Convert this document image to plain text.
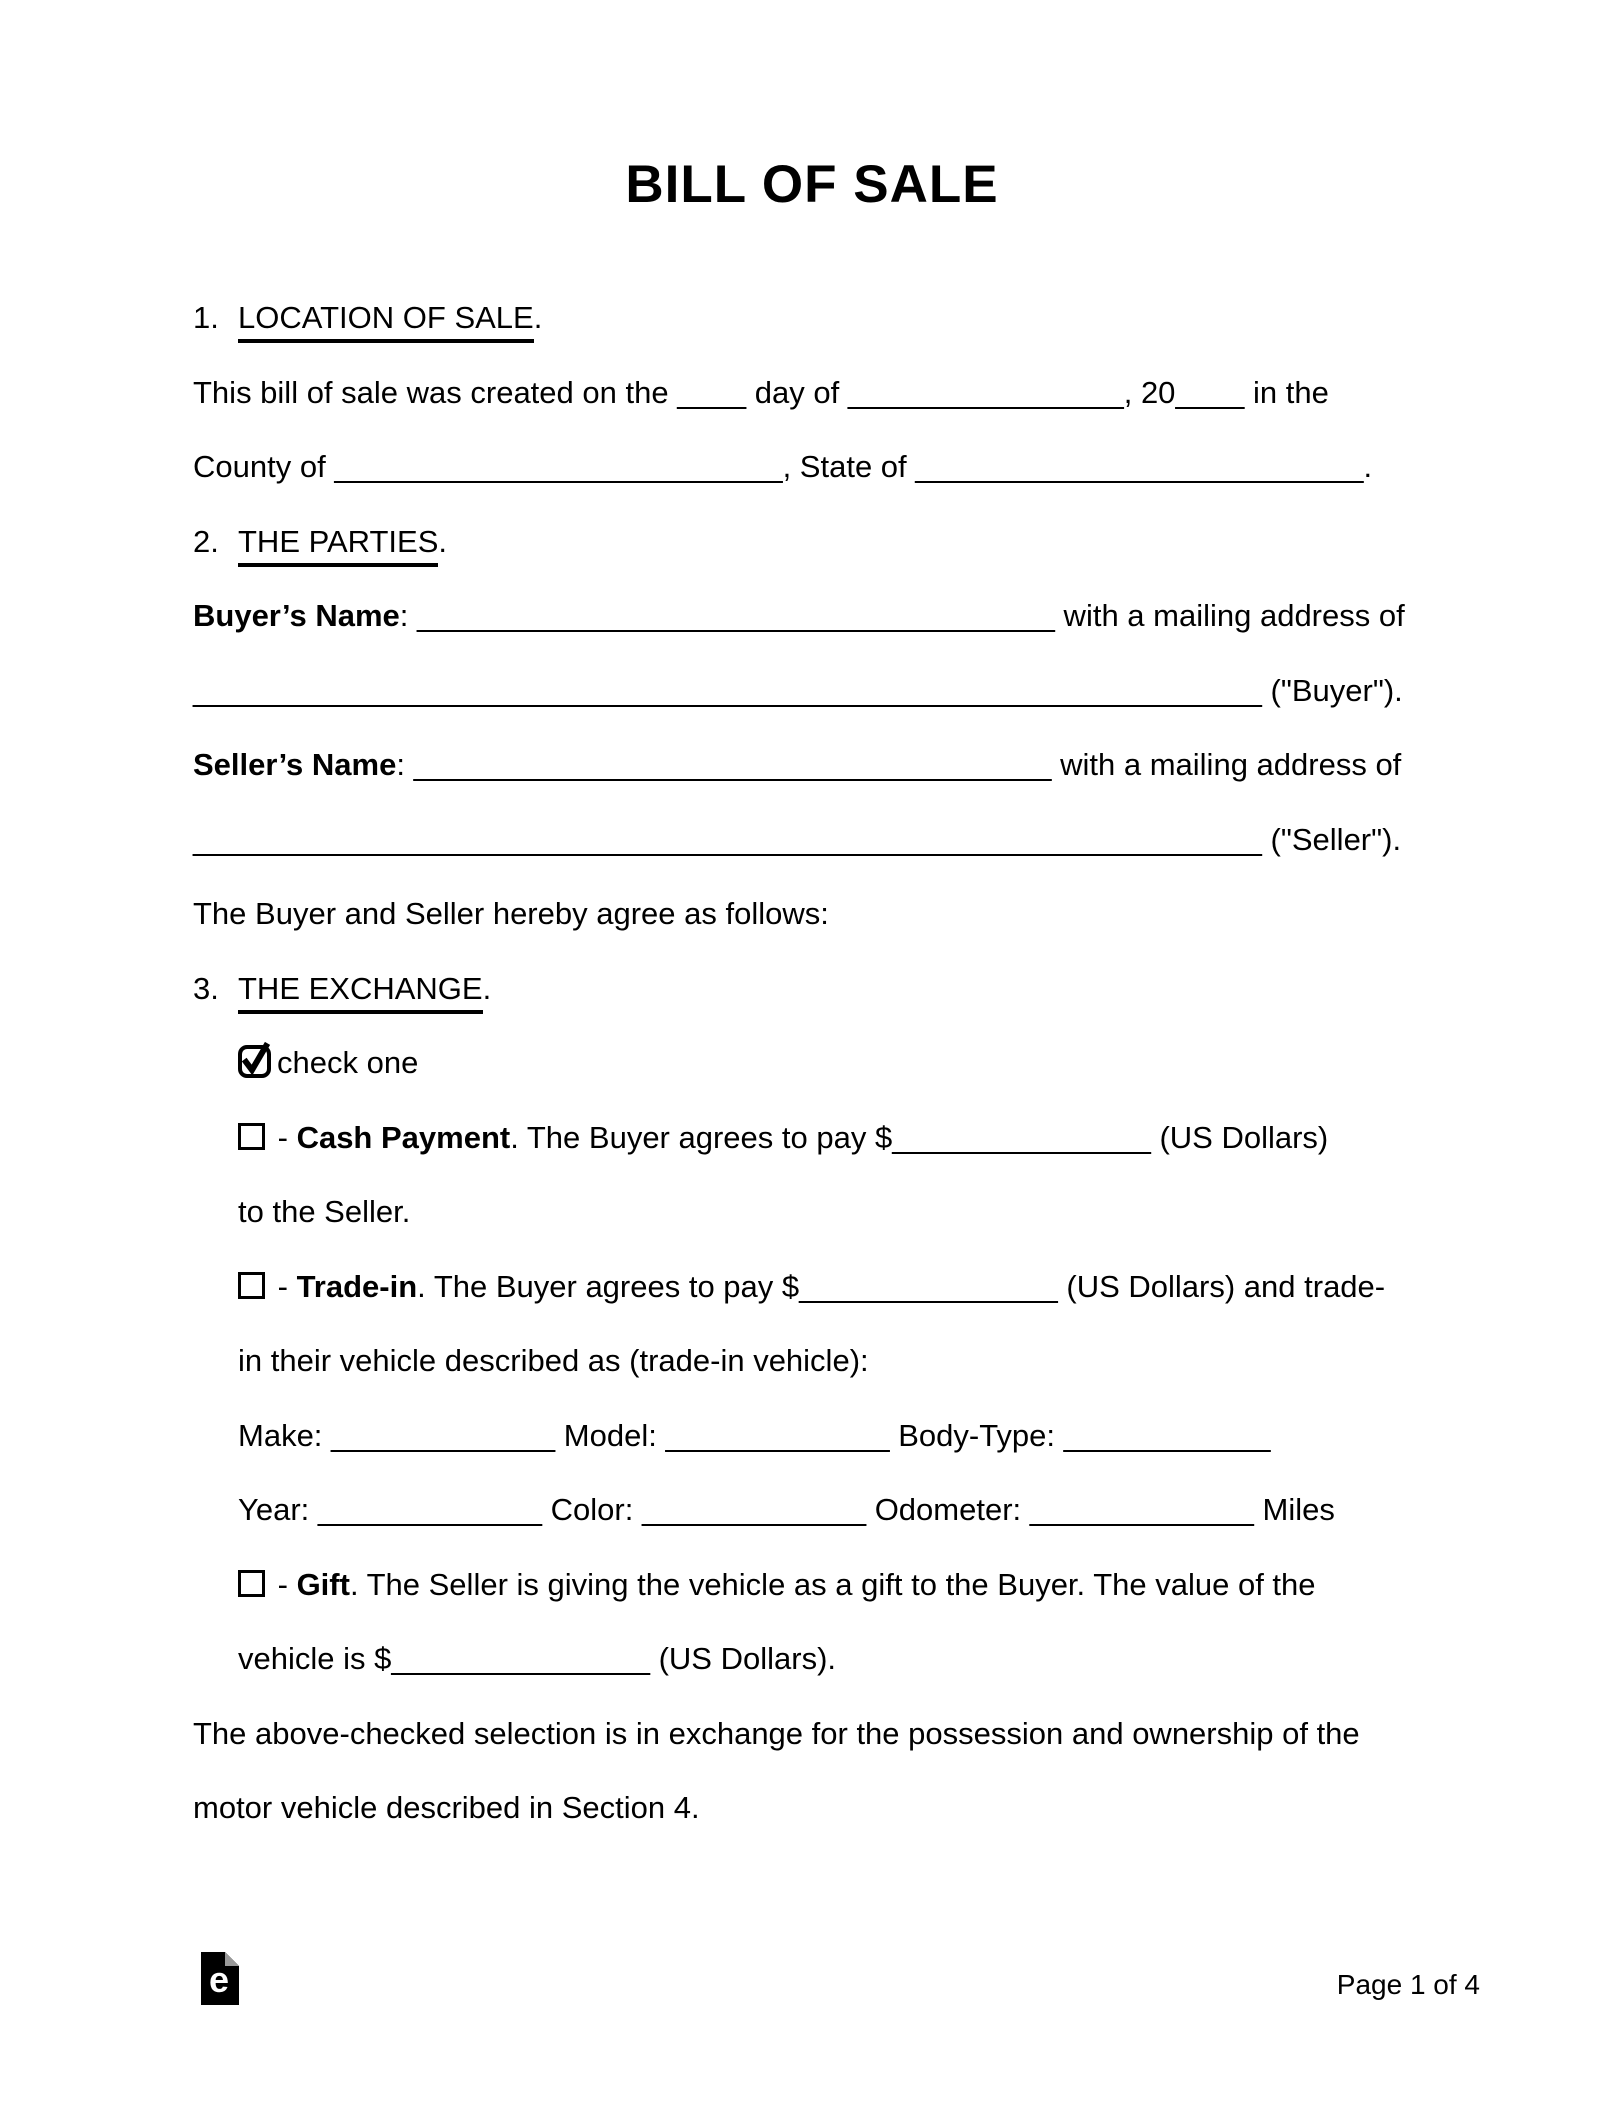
BILL OF SALE
1. LOCATION OF SALE.
This bill of sale was created on the ____ day of ________________, 20____ in the
County of __________________________, State of __________________________.
2. THE PARTIES.
Buyer’s Name: _____________________________________ with a mailing address of
______________________________________________________________ ("Buyer").
Seller’s Name: _____________________________________ with a mailing address of
______________________________________________________________ ("Seller").
The Buyer and Seller hereby agree as follows:
3. THE EXCHANGE.
check one
- Cash Payment. The Buyer agrees to pay $_______________ (US Dollars)
to the Seller.
- Trade-in. The Buyer agrees to pay $_______________ (US Dollars) and trade-
in their vehicle described as (trade-in vehicle):
Make: _____________ Model: _____________ Body-Type: ____________
Year: _____________ Color: _____________ Odometer: _____________ Miles
- Gift. The Seller is giving the vehicle as a gift to the Buyer. The value of the
vehicle is $_______________ (US Dollars).
The above-checked selection is in exchange for the possession and ownership of the
motor vehicle described in Section 4.
e	Page 1 of 4
